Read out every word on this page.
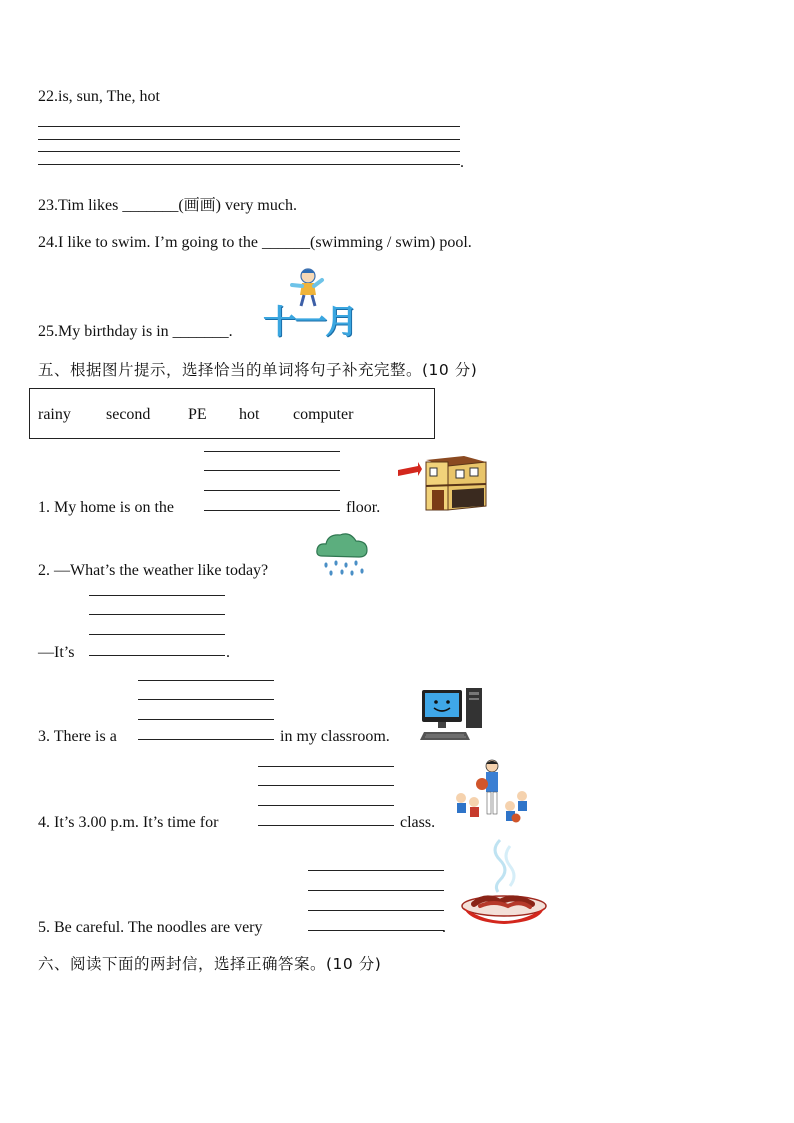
22.is, sun, The, hot
.
23.Tim likes _______(画画) very much.
24.I like to swim. I’m going to the ______(swimming / swim) pool.
25.My birthday is in _______. 十一月
五、根据图片提示，选择恰当的单词将句子补充完整。(10 分)
rainy second PE hot computer
1. My home is on the	floor.
2. —What’s the weather like today?
—It’s	.
3. There is a	in my classroom.
4. It’s 3.00 p.m. It’s time for	class.
5. Be careful. The noodles are very	.
六、阅读下面的两封信，选择正确答案。(10 分)
